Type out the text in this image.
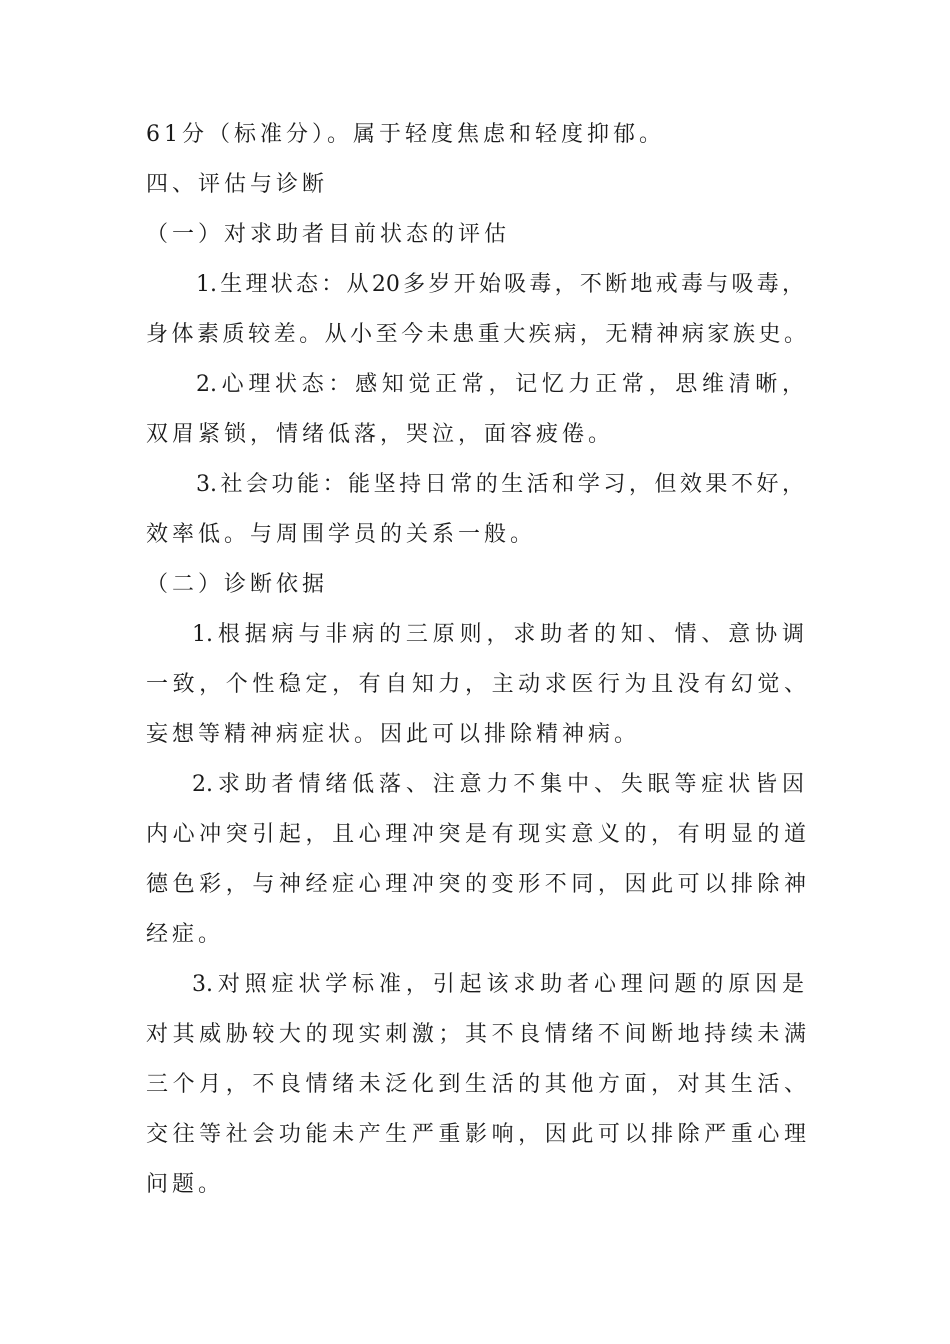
61分（标准分）。属于轻度焦虑和轻度抑郁。
四、评估与诊断
（一）对求助者目前状态的评估
1.生理状态：从20多岁开始吸毒，不断地戒毒与吸毒，
身体素质较差。从小至今未患重大疾病，无精神病家族史。
2.心理状态：感知觉正常，记忆力正常，思维清晰，
双眉紧锁，情绪低落，哭泣，面容疲倦。
3.社会功能：能坚持日常的生活和学习，但效果不好，
效率低。与周围学员的关系一般。
（二）诊断依据
1.根据病与非病的三原则，求助者的知、情、意协调
一致，个性稳定，有自知力，主动求医行为且没有幻觉、
妄想等精神病症状。因此可以排除精神病。
2.求助者情绪低落、注意力不集中、失眠等症状皆因
内心冲突引起，且心理冲突是有现实意义的，有明显的道
德色彩，与神经症心理冲突的变形不同，因此可以排除神
经症。
3.对照症状学标准，引起该求助者心理问题的原因是
对其威胁较大的现实刺激；其不良情绪不间断地持续未满
三个月，不良情绪未泛化到生活的其他方面，对其生活、
交往等社会功能未产生严重影响，因此可以排除严重心理
问题。
